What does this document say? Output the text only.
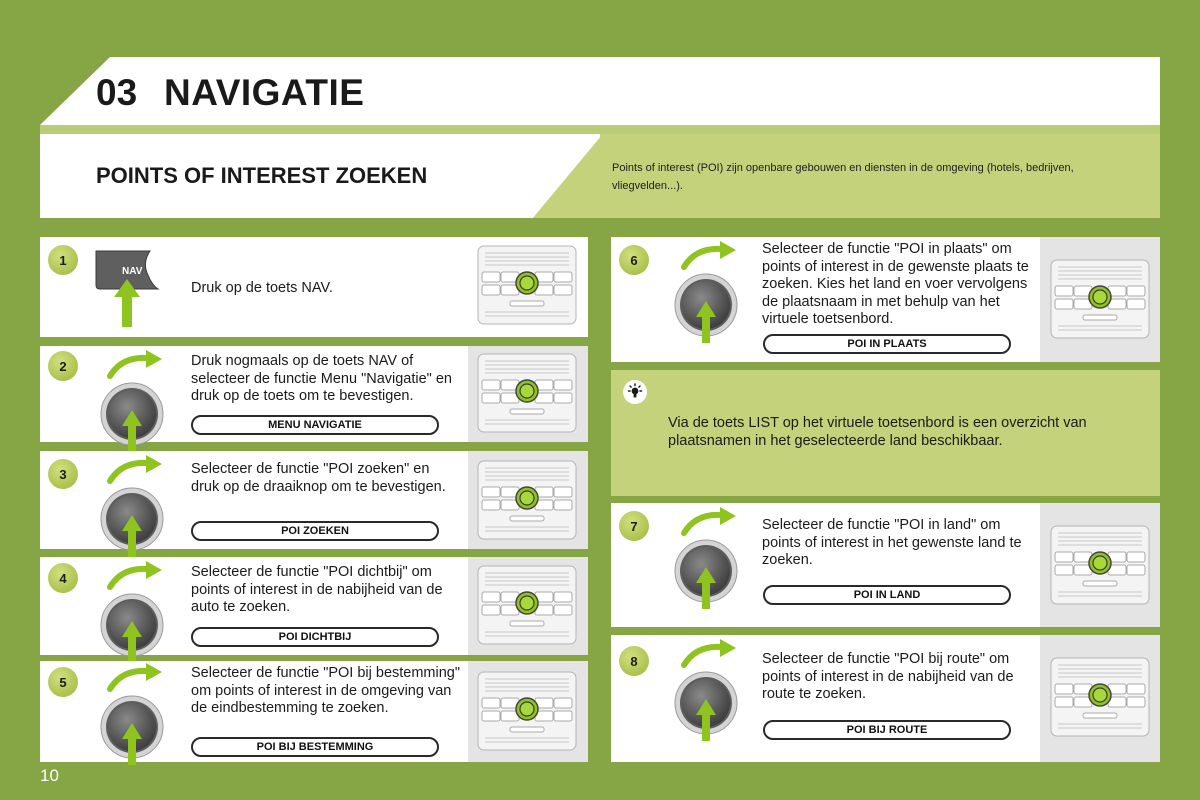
03 NAVIGATIE
POINTS OF INTEREST ZOEKEN	Points of interest (POI) zijn openbare gebouwen en diensten in de omgeving (hotels, bedrijven, vliegvelden...).
1
NAV
Druk op de toets NAV.
2	Druk nogmaals op de toets NAV of selecteer de functie Menu "Navigatie" en druk op de toets om te bevestigen.
MENU NAVIGATIE
3	Selecteer de functie "POI zoeken" en druk op de draaiknop om te bevestigen.
POI ZOEKEN
4	Selecteer de functie "POI dichtbij" om points of interest in de nabijheid van de auto te zoeken.
POI DICHTBIJ
5
Selecteer de functie "POI bij bestemming" om points of interest in de omgeving van de eindbestemming te zoeken.
POI BIJ BESTEMMING
6
Selecteer de functie "POI in plaats" om points of interest in de gewenste plaats te zoeken. Kies het land en voer vervolgens de plaatsnaam in met behulp van het virtuele toetsenbord.
POI IN PLAATS
Via de toets LIST op het virtuele toetsenbord is een overzicht van plaatsnamen in het geselecteerde land beschikbaar.
7	Selecteer de functie "POI in land" om points of interest in het gewenste land te zoeken.
POI IN LAND
8	Selecteer de functie "POI bij route" om points of interest in de nabijheid van de route te zoeken.
POI BIJ ROUTE
10
